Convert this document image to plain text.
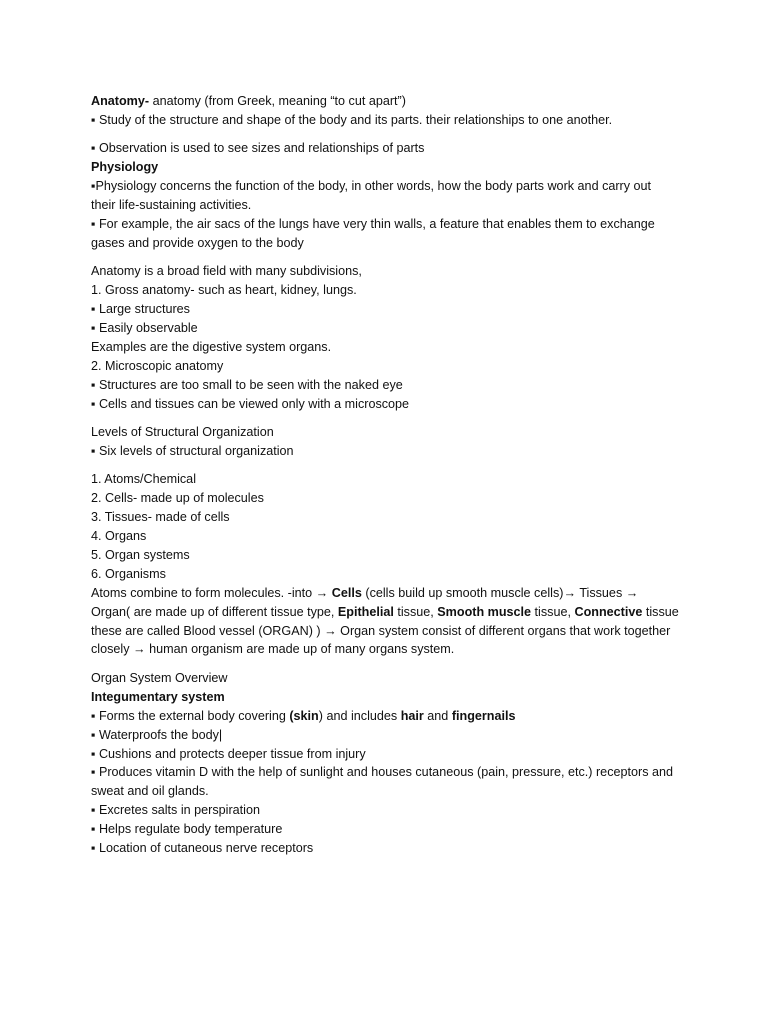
Anatomy- anatomy (from Greek, meaning “to cut apart”)

▪ Study of the structure and shape of the body and its parts. their relationships to one another.

▪ Observation is used to see sizes and relationships of parts

Physiology

▪Physiology concerns the function of the body, in other words, how the body parts work and carry out

their life-sustaining activities.

▪ For example, the air sacs of the lungs have very thin walls, a feature that enables them to exchange

gases and provide oxygen to the body

Anatomy is a broad field with many subdivisions,

1. Gross anatomy- such as heart, kidney, lungs.

▪ Large structures

▪ Easily observable

Examples are the digestive system organs.

2. Microscopic anatomy

▪ Structures are too small to be seen with the naked eye

▪ Cells and tissues can be viewed only with a microscope

Levels of Structural Organization

▪ Six levels of structural organization

1. Atoms/Chemical

2. Cells- made up of molecules

3. Tissues- made of cells

4. Organs

5. Organ systems

6. Organisms

Atoms combine to form molecules. -into → Cells (cells build up smooth muscle cells)→ Tissues →

Organ( are made up of different tissue type, Epithelial tissue, Smooth muscle tissue, Connective tissue

these are called Blood vessel (ORGAN) ) → Organ system consist of different organs that work together

closely → human organism are made up of many organs system.

Organ System Overview

Integumentary system

▪ Forms the external body covering (skin) and includes hair and fingernails

▪ Waterproofs the body|

▪ Cushions and protects deeper tissue from injury

▪ Produces vitamin D with the help of sunlight and houses cutaneous (pain, pressure, etc.) receptors and

sweat and oil glands.

▪ Excretes salts in perspiration

▪ Helps regulate body temperature

▪ Location of cutaneous nerve receptors
